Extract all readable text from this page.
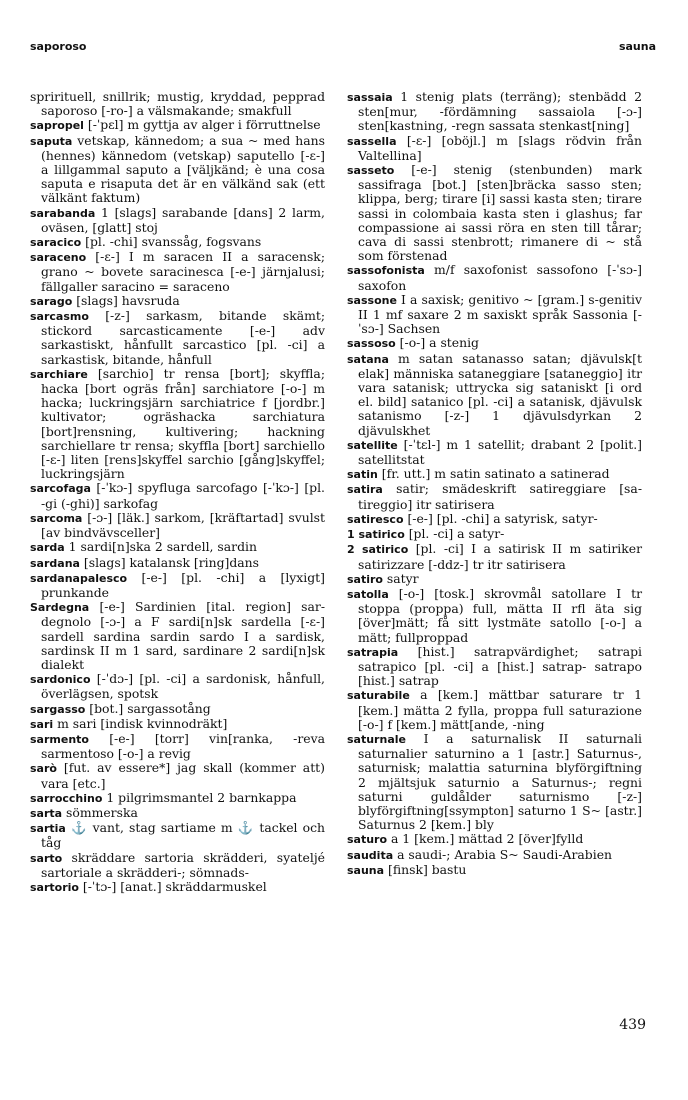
saporoso	sauna

sprirituell, snillrik; mustig, kryddad, pepprad saporoso [-ro-] a välsmakande; smakfull

sapropel [-ˈpɛl] m gyttja av alger i förruttnelse

saputa vetskap, kännedom; a sua ~ med hans (hennes) kännedom (vetskap) saputello [-ɛ-] a lillgammal saputo a [väljkänd; è una cosa saputa e risaputa det är en välkänd sak (ett välkänt faktum)

sarabanda 1 [slags] sarabande [dans] 2 larm, oväsen, [glatt] stoj

saracico [pl. -chi] svanssåg, fogsvans

saraceno [-ɛ-] I m saracen II a saracensk; grano ~ bovete saracinesca [-e-] järnjalusi; fällgaller saracino = saraceno

sarago [slags] havsruda

sarcasmo [-z-] sarkasm, bitande skämt; stickord sarcasticamente [-e-] adv sarkastiskt, hånfullt sarcastico [pl. -ci] a sarkastisk, bitande, hånfull

sarchiare [sarchio] tr rensa [bort]; skyffla; hacka [bort ogräs från] sarchiatore [-o-] m hacka; luckringsjärn sarchiatrice f [jordbr.] kultivator; ogräshacka sarchiatura [bort]rensning, kultivering; hackning sarchiellare tr rensa; skyffla [bort] sarchiello [-ɛ-] liten [rens]skyffel sarchio [gång]skyffel; luckringsjärn

sarcofaga [-ˈkɔ-] spyfluga sarcofago [-ˈkɔ-] [pl. -gi (-ghi)] sarkofag

sarcoma [-ɔ-] [läk.] sarkom, [kräftartad] svulst [av bindvävsceller]

sarda 1 sardi[n]ska 2 sardell, sardin

sardana [slags] katalansk [ring]dans

sardanapalesco [-e-] [pl. -chi] a [lyxigt] prunkande

Sardegna [-e-] Sardinien [ital. region] sardegnolo [-ɔ-] a F sardi[n]sk sardella [-ɛ-] sardell sardina sardin sardo I a sardisk, sardinsk II m 1 sard, sardinare 2 sardi[n]sk dialekt

sardonico [-ˈdɔ-] [pl. -ci] a sardonisk, hånfull, överlägsen, spotsk

sargasso [bot.] sargassotång

sari m sari [indisk kvinnodräkt]

sarmento [-e-] [torr] vin[ranka, -reva sarmentoso [-o-] a revig

sarò [fut. av essere*] jag skall (kommer att) vara [etc.]

sarrocchino 1 pilgrimsmantel 2 barnkappa

sarta sömmerska

sartia ⚓ vant, stag sartiame m ⚓ tackel och tåg

sarto skräddare sartoria skrädderi, syateljé sartoriale a skrädderi-; sömnads-

sartorio [-ˈtɔ-] [anat.] skräddarmuskel

sassaia 1 stenig plats (terräng); stenbädd 2 sten[mur, -fördämning sassaiola [-ɔ-] sten[kastning, -regn sassata stenkast[ning]

sassella [-ɛ-] [oböjl.] m [slags rödvin från Valtellina]

sasseto [-e-] stenig (stenbunden) mark sassifraga [bot.] [sten]bräcka sasso sten; klippa, berg; tirare [i] sassi kasta sten; tirare sassi in colombaia kasta sten i glashus; far compassione ai sassi röra en sten till tårar; cava di sassi stenbrott; rimanere di ~ stå som förstenad

sassofonista m/f saxofonist sassofono [-ˈsɔ-] saxofon

sassone I a saxisk; genitivo ~ [gram.] s-genitiv II 1 mf saxare 2 m saxiskt språk Sassonia [-ˈsɔ-] Sachsen

sassoso [-o-] a stenig

satana m satan satanasso satan; djävulsk[t elak] människa sataneggiare [sataneggio] itr vara satanisk; uttrycka sig sataniskt [i ord el. bild] satanico [pl. -ci] a satanisk, djävulsk satanismo [-z-] 1 djävulsdyrkan 2 djävulskhet

satellite [-ˈtɛl-] m 1 satellit; drabant 2 [polit.] satellitstat

satin [fr. utt.] m satin satinato a satinerad

satira satir; smädeskrift satireggiare [satireggio] itr satirisera

satiresco [-e-] [pl. -chi] a satyrisk, satyr-

1 satirico [pl. -ci] a satyr-

2 satirico [pl. -ci] I a satirisk II m satiriker satirizzare [-ddz-] tr itr satirisera

satiro satyr

satolla [-o-] [tosk.] skrovmål satollare I tr stoppa (proppa) full, mätta II rfl äta sig [över]mätt; få sitt lystmäte satollo [-o-] a mätt; fullproppad

satrapia [hist.] satrapvärdighet; satrapi satrapico [pl. -ci] a [hist.] satrap- satrapo [hist.] satrap

saturabile a [kem.] mättbar saturare tr 1 [kem.] mätta 2 fylla, proppa full saturazione [-o-] f [kem.] mätt[ande, -ning

saturnale I a saturnalisk II saturnali saturnalier saturnino a 1 [astr.] Saturnus-, saturnisk; malattia saturnina blyförgiftning 2 mjältsjuk saturnio a Saturnus-; regni saturni guldålder saturnismo [-z-] blyförgiftning[ssympton] saturno 1 S~ [astr.] Saturnus 2 [kem.] bly

saturo a 1 [kem.] mättad 2 [över]fylld

saudita a saudi-; Arabia S~ Saudi-Arabien

sauna [finsk] bastu

439
